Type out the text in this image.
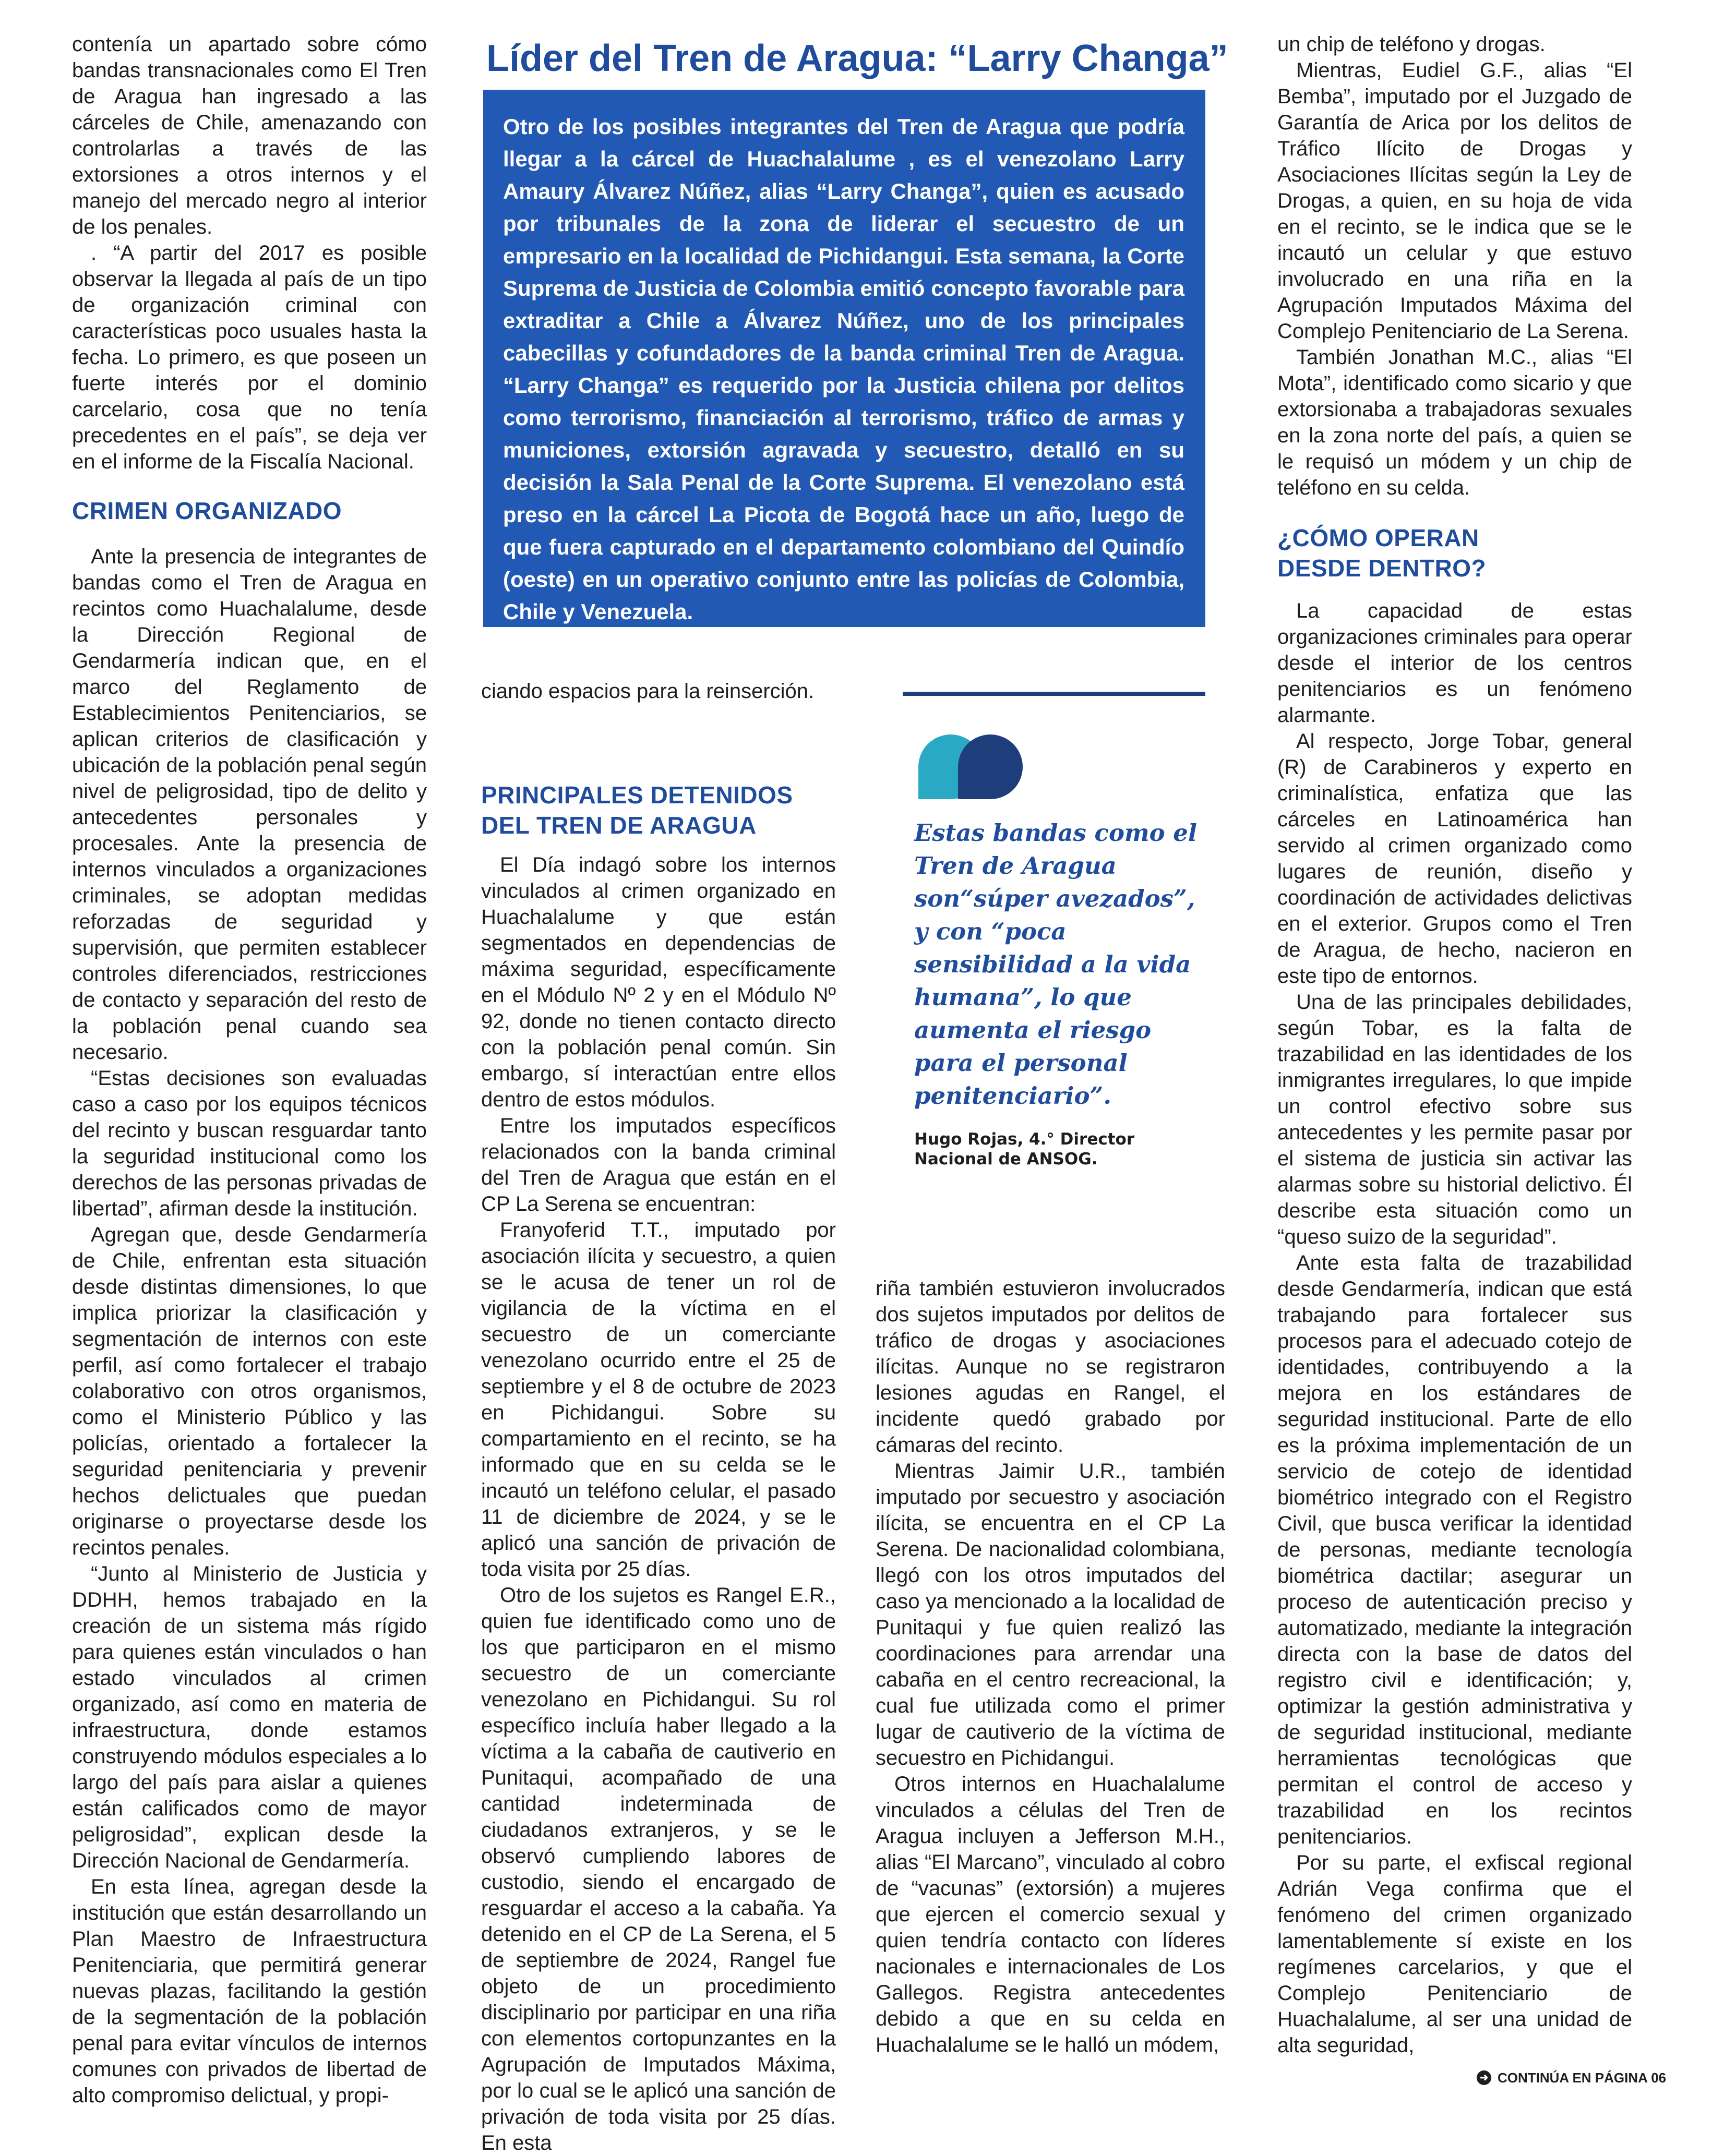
contenía un apartado sobre cómo bandas transnacionales como El Tren de Aragua han ingresado a las cárceles de Chile, amenazando con controlarlas a través de las extorsiones a otros internos y el manejo del mercado negro al interior de los penales.

. “A partir del 2017 es posible observar la llegada al país de un tipo de organización criminal con características poco usuales hasta la fecha. Lo primero, es que poseen un fuerte interés por el dominio carcelario, cosa que no tenía precedentes en el país”, se deja ver en el informe de la Fiscalía Nacional.

CRIMEN ORGANIZADO

Ante la presencia de integrantes de bandas como el Tren de Aragua en recintos como Huachalalume, desde la Dirección Regional de Gendarmería indican que, en el marco del Reglamento de Establecimientos Penitenciarios, se aplican criterios de clasificación y ubicación de la población penal según nivel de peligrosidad, tipo de delito y antecedentes personales y procesales. Ante la presencia de internos vinculados a organizaciones criminales, se adoptan medidas reforzadas de seguridad y supervisión, que permiten establecer controles diferenciados, restricciones de contacto y separación del resto de la población penal cuando sea necesario.

“Estas decisiones son evaluadas caso a caso por los equipos técnicos del recinto y buscan resguardar tanto la seguridad institucional como los derechos de las personas privadas de libertad”, afirman desde la institución.

Agregan que, desde Gendarmería de Chile, enfrentan esta situación desde distintas dimensiones, lo que implica priorizar la clasificación y segmentación de internos con este perfil, así como fortalecer el trabajo colaborativo con otros organismos, como el Ministerio Público y las policías, orientado a fortalecer la seguridad penitenciaria y prevenir hechos delictuales que puedan originarse o proyectarse desde los recintos penales.

“Junto al Ministerio de Justicia y DDHH, hemos trabajado en la creación de un sistema más rígido para quienes están vinculados o han estado vinculados al crimen organizado, así como en materia de infraestructura, donde estamos construyendo módulos especiales a lo largo del país para aislar a quienes están calificados como de mayor peligrosidad”, explican desde la Dirección Nacional de Gendarmería.

En esta línea, agregan desde la institución que están desarrollando un Plan Maestro de Infraestructura Penitenciaria, que permitirá generar nuevas plazas, facilitando la gestión de la segmentación de la población penal para evitar vínculos de internos comunes con privados de libertad de alto compromiso delictual, y propi-

Líder del Tren de Aragua: “Larry Changa”

Otro de los posibles integrantes del Tren de Aragua que podría llegar a la cárcel de Huachalalume , es el venezolano Larry Amaury Álvarez Núñez, alias “Larry Changa”, quien es acusado por tribunales de la zona de liderar el secuestro de un empresario en la localidad de Pichidangui. Esta semana, la Corte Suprema de Justicia de Colombia emitió concepto favorable para extraditar a Chile a Álvarez Núñez, uno de los principales cabecillas y cofundadores de la banda criminal Tren de Aragua. “Larry Changa” es requerido por la Justicia chilena por delitos como terrorismo, financiación al terrorismo, tráfico de armas y municiones, extorsión agravada y secuestro, detalló en su decisión la Sala Penal de la Corte Suprema. El venezolano está preso en la cárcel La Picota de Bogotá hace un año, luego de que fuera capturado en el departamento colombiano del Quindío (oeste) en un operativo conjunto entre las policías de Colombia, Chile y Venezuela.

ciando espacios para la reinserción.

PRINCIPALES DETENIDOS DEL TREN DE ARAGUA

El Día indagó sobre los internos vinculados al crimen organizado en Huachalalume y que están segmentados en dependencias de máxima seguridad, específicamente en el Módulo Nº 2 y en el Módulo Nº 92, donde no tienen contacto directo con la población penal común. Sin embargo, sí interactúan entre ellos dentro de estos módulos.

Entre los imputados específicos relacionados con la banda criminal del Tren de Aragua que están en el CP La Serena se encuentran:

Franyoferid T.T., imputado por asociación ilícita y secuestro, a quien se le acusa de tener un rol de vigilancia de la víctima en el secuestro de un comerciante venezolano ocurrido entre el 25 de septiembre y el 8 de octubre de 2023 en Pichidangui. Sobre su compartamiento en el recinto, se ha informado que en su celda se le incautó un teléfono celular, el pasado 11 de diciembre de 2024, y se le aplicó una sanción de privación de toda visita por 25 días.

Otro de los sujetos es Rangel E.R., quien fue identificado como uno de los que participaron en el mismo secuestro de un comerciante venezolano en Pichidangui. Su rol específico incluía haber llegado a la víctima a la cabaña de cautiverio en Punitaqui, acompañado de una cantidad indeterminada de ciudadanos extranjeros, y se le observó cumpliendo labores de custodio, siendo el encargado de resguardar el acceso a la cabaña. Ya detenido en el CP de La Serena, el 5 de septiembre de 2024, Rangel fue objeto de un procedimiento disciplinario por participar en una riña con elementos cortopunzantes en la Agrupación de Imputados Máxima, por lo cual se le aplicó una sanción de privación de toda visita por 25 días. En esta

Estas bandas como el Tren de Aragua son“súper avezados”, y con “poca sensibilidad a la vida humana”, lo que aumenta el riesgo para el personal penitenciario”.

Hugo Rojas, 4.° Director Nacional de ANSOG.

riña también estuvieron involucrados dos sujetos imputados por delitos de tráfico de drogas y asociaciones ilícitas. Aunque no se registraron lesiones agudas en Rangel, el incidente quedó grabado por cámaras del recinto.

Mientras Jaimir U.R., también imputado por secuestro y asociación ilícita, se encuentra en el CP La Serena. De nacionalidad colombiana, llegó con los otros imputados del caso ya mencionado a la localidad de Punitaqui y fue quien realizó las coordinaciones para arrendar una cabaña en el centro recreacional, la cual fue utilizada como el primer lugar de cautiverio de la víctima de secuestro en Pichidangui.

Otros internos en Huachalalume vinculados a células del Tren de Aragua incluyen a Jefferson M.H., alias “El Marcano”, vinculado al cobro de “vacunas” (extorsión) a mujeres que ejercen el comercio sexual y quien tendría contacto con líderes nacionales e internacionales de Los Gallegos. Registra antecedentes debido a que en su celda en Huachalalume se le halló un módem,

un chip de teléfono y drogas.

Mientras, Eudiel G.F., alias “El Bemba”, imputado por el Juzgado de Garantía de Arica por los delitos de Tráfico Ilícito de Drogas y Asociaciones Ilícitas según la Ley de Drogas, a quien, en su hoja de vida en el recinto, se le indica que se le incautó un celular y que estuvo involucrado en una riña en la Agrupación Imputados Máxima del Complejo Penitenciario de La Serena.

También Jonathan M.C., alias “El Mota”, identificado como sicario y que extorsionaba a trabajadoras sexuales en la zona norte del país, a quien se le requisó un módem y un chip de teléfono en su celda.

¿CÓMO OPERAN DESDE DENTRO?

La capacidad de estas organizaciones criminales para operar desde el interior de los centros penitenciarios es un fenómeno alarmante.

Al respecto, Jorge Tobar, general (R) de Carabineros y experto en criminalística, enfatiza que las cárceles en Latinoamérica han servido al crimen organizado como lugares de reunión, diseño y coordinación de actividades delictivas en el exterior. Grupos como el Tren de Aragua, de hecho, nacieron en este tipo de entornos.

Una de las principales debilidades, según Tobar, es la falta de trazabilidad en las identidades de los inmigrantes irregulares, lo que impide un control efectivo sobre sus antecedentes y les permite pasar por el sistema de justicia sin activar las alarmas sobre su historial delictivo. Él describe esta situación como un “queso suizo de la seguridad”.

Ante esta falta de trazabilidad desde Gendarmería, indican que está trabajando para fortalecer sus procesos para el adecuado cotejo de identidades, contribuyendo a la mejora en los estándares de seguridad institucional. Parte de ello es la próxima implementación de un servicio de cotejo de identidad biométrico integrado con el Registro Civil, que busca verificar la identidad de personas, mediante tecnología biométrica dactilar; asegurar un proceso de autenticación preciso y automatizado, mediante la integración directa con la base de datos del registro civil e identificación; y, optimizar la gestión administrativa y de seguridad institucional, mediante herramientas tecnológicas que permitan el control de acceso y trazabilidad en los recintos penitenciarios.

Por su parte, el exfiscal regional Adrián Vega confirma que el fenómeno del crimen organizado lamentablemente sí existe en los regímenes carcelarios, y que el Complejo Penitenciario de Huachalalume, al ser una unidad de alta seguridad,

➜ CONTINÚA EN PÁGINA 06
